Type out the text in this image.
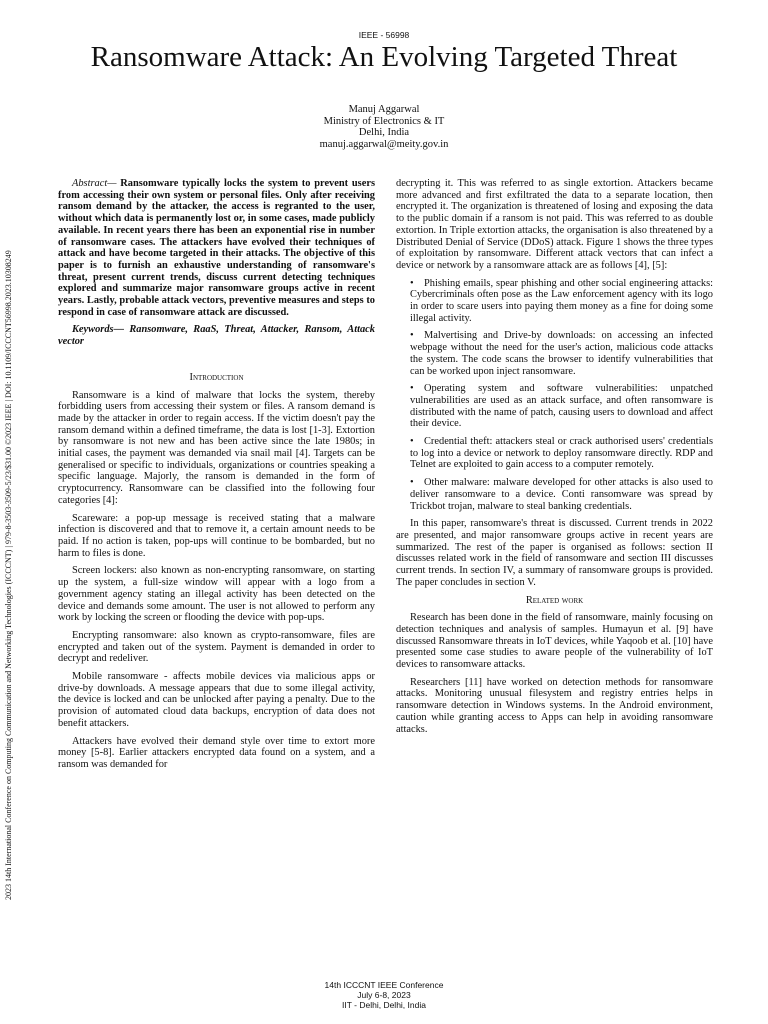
IEEE - 56998
Ransomware Attack: An Evolving Targeted Threat
2023 14th International Conference on Computing Communication and Networking Technologies (ICCCNT) | 979-8-3503-3509-5/23/$31.00 ©2023 IEEE | DOI: 10.1109/ICCCNT56998.2023.10308249
Manuj Aggarwal
Ministry of Electronics & IT
Delhi, India
manuj.aggarwal@meity.gov.in

Abstract— Ransomware typically locks the system to prevent users from accessing their own system or personal files. Only after receiving ransom demand by the attacker, the access is regranted to the user, without which data is permanently lost or, in some cases, made publicly available. In recent years there has been an exponential rise in number of ransomware cases. The attackers have evolved their techniques of attack and have become targeted in their attacks. The objective of this paper is to furnish an exhaustive understanding of ransomware's threat, present current trends, discuss current detecting techniques explored and summarize major ransomware groups active in recent years. Lastly, probable attack vectors, preventive measures and steps to respond in case of ransomware attack are discussed.

Keywords— Ransomware, RaaS, Threat, Attacker, Ransom, Attack vector

Introduction

Ransomware is a kind of malware that locks the system, thereby forbidding users from accessing their system or files. A ransom demand is made by the attacker in order to regain access. If the victim doesn't pay the ransom demand within a defined timeframe, the data is lost [1-3]. Extortion by ransomware is not new and has been active since the late 1980s; in initial cases, the payment was demanded via snail mail [4]. Targets can be generalised or specific to individuals, organizations or countries speaking a specific language. Majorly, the ransom is demanded in the form of cryptocurrency. Ransomware can be classified into the following four categories [4]:

Scareware: a pop-up message is received stating that a malware infection is discovered and that to remove it, a certain amount needs to be paid. If no action is taken, pop-ups will continue to be bombarded, but no harm to files is done.

Screen lockers: also known as non-encrypting ransomware, on starting up the system, a full-size window will appear with a logo from a government agency stating an illegal activity has been detected on the device and demands some amount. The user is not allowed to perform any work by locking the screen or flooding the device with pop-ups.

Encrypting ransomware: also known as crypto-ransomware, files are encrypted and taken out of the system. Payment is demanded in order to decrypt and redeliver.

Mobile ransomware - affects mobile devices via malicious apps or drive-by downloads. A message appears that due to some illegal activity, the device is locked and can be unlocked after paying a penalty. Due to the provision of automated cloud data backups, encryption of data does not benefit attackers.

Attackers have evolved their demand style over time to extort more money [5-8]. Earlier attackers encrypted data found on a system, and a ransom was demanded for

decrypting it. This was referred to as single extortion. Attackers became more advanced and first exfiltrated the data to a separate location, then encrypted it. The organization is threatened of losing and exposing the data to the public domain if a ransom is not paid. This was referred to as double extortion. In Triple extortion attacks, the organisation is also threatened by a Distributed Denial of Service (DDoS) attack. Figure 1 shows the three types of exploitation by ransomware. Different attack vectors that can infect a device or network by a ransomware attack are as follows [4], [5]:

• Phishing emails, spear phishing and other social engineering attacks: Cybercriminals often pose as the Law enforcement agency with its logo in order to scare users into paying them money as a fine for doing some illegal activity.

• Malvertising and Drive-by downloads: on accessing an infected webpage without the need for the user's action, malicious code attacks the system. The code scans the browser to identify vulnerabilities that can be worked upon inject ransomware.

• Operating system and software vulnerabilities: unpatched vulnerabilities are used as an attack surface, and often ransomware is distributed with the name of patch, causing users to download and affect their device.

• Credential theft: attackers steal or crack authorised users' credentials to log into a device or network to deploy ransomware directly. RDP and Telnet are exploited to gain access to a computer remotely.

• Other malware: malware developed for other attacks is also used to deliver ransomware to a device. Conti ransomware was spread by Trickbot trojan, malware to steal banking credentials.

In this paper, ransomware's threat is discussed. Current trends in 2022 are presented, and major ransomware groups active in recent years are summarized. The rest of the paper is organised as follows: section II discusses related work in the field of ransomware and section III discusses current trends. In section IV, a summary of ransomware groups is provided. The paper concludes in section V.

Related work

Research has been done in the field of ransomware, mainly focusing on detection techniques and analysis of samples. Humayun et al. [9] have discussed Ransomware threats in IoT devices, while Yaqoob et al. [10] have presented some case studies to aware people of the vulnerability of IoT devices to ransomware attacks.

Researchers [11] have worked on detection methods for ransomware attacks. Monitoring unusual filesystem and registry entries helps in ransomware detection in Windows systems. In the Android environment, caution while granting access to Apps can help in avoiding ransomware attacks.

14th ICCCNT IEEE Conference
July 6-8, 2023
IIT - Delhi, Delhi, India
